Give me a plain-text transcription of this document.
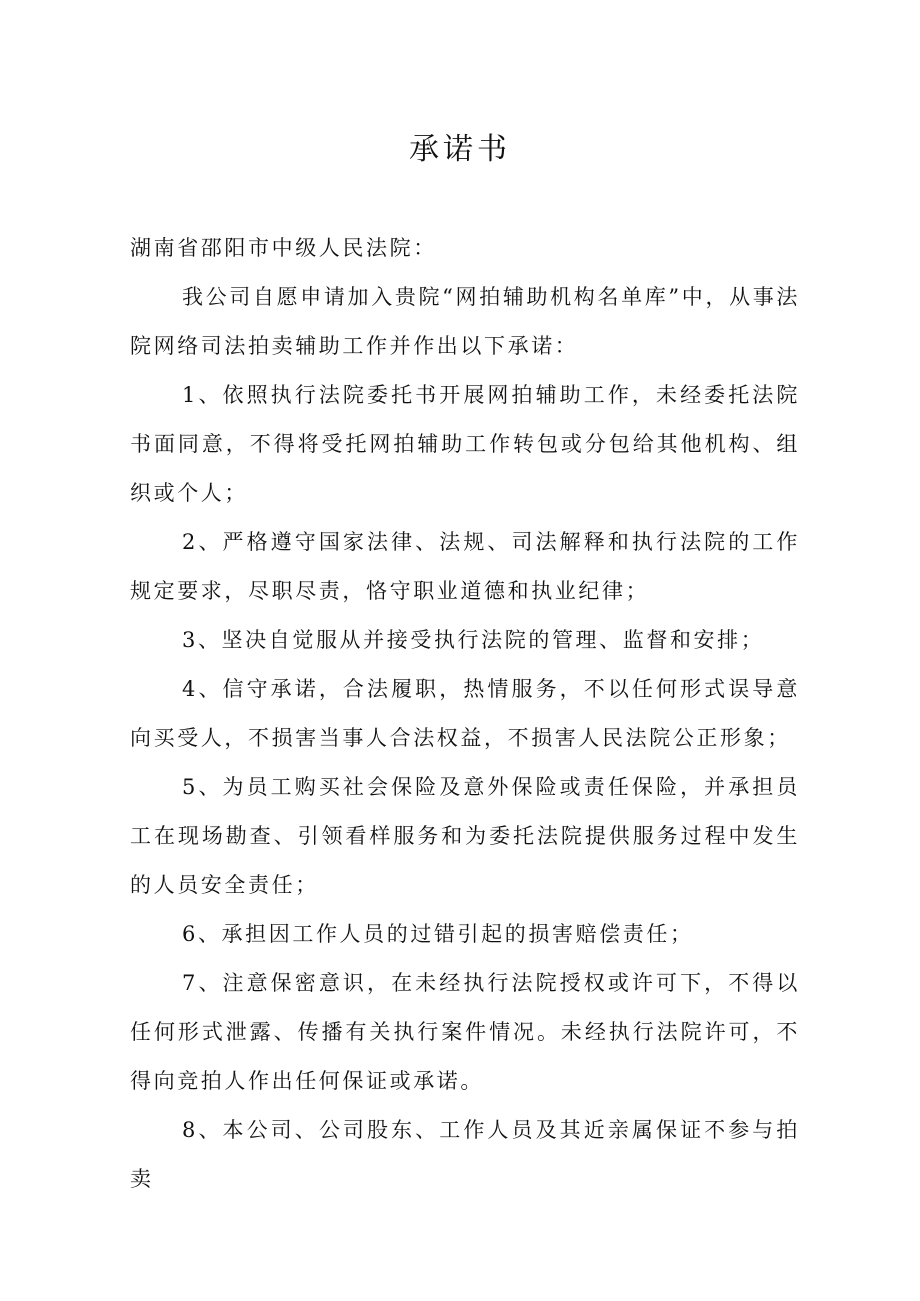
承诺书

湖南省邵阳市中级人民法院：

我公司自愿申请加入贵院“网拍辅助机构名单库”中，从事法院网络司法拍卖辅助工作并作出以下承诺：

1、依照执行法院委托书开展网拍辅助工作，未经委托法院书面同意，不得将受托网拍辅助工作转包或分包给其他机构、组织或个人；

2、严格遵守国家法律、法规、司法解释和执行法院的工作规定要求，尽职尽责，恪守职业道德和执业纪律；

3、坚决自觉服从并接受执行法院的管理、监督和安排；

4、信守承诺，合法履职，热情服务，不以任何形式误导意向买受人，不损害当事人合法权益，不损害人民法院公正形象；

5、为员工购买社会保险及意外保险或责任保险，并承担员工在现场勘查、引领看样服务和为委托法院提供服务过程中发生的人员安全责任；

6、承担因工作人员的过错引起的损害赔偿责任；

7、注意保密意识，在未经执行法院授权或许可下，不得以任何形式泄露、传播有关执行案件情况。未经执行法院许可，不得向竞拍人作出任何保证或承诺。

8、本公司、公司股东、工作人员及其近亲属保证不参与拍卖
